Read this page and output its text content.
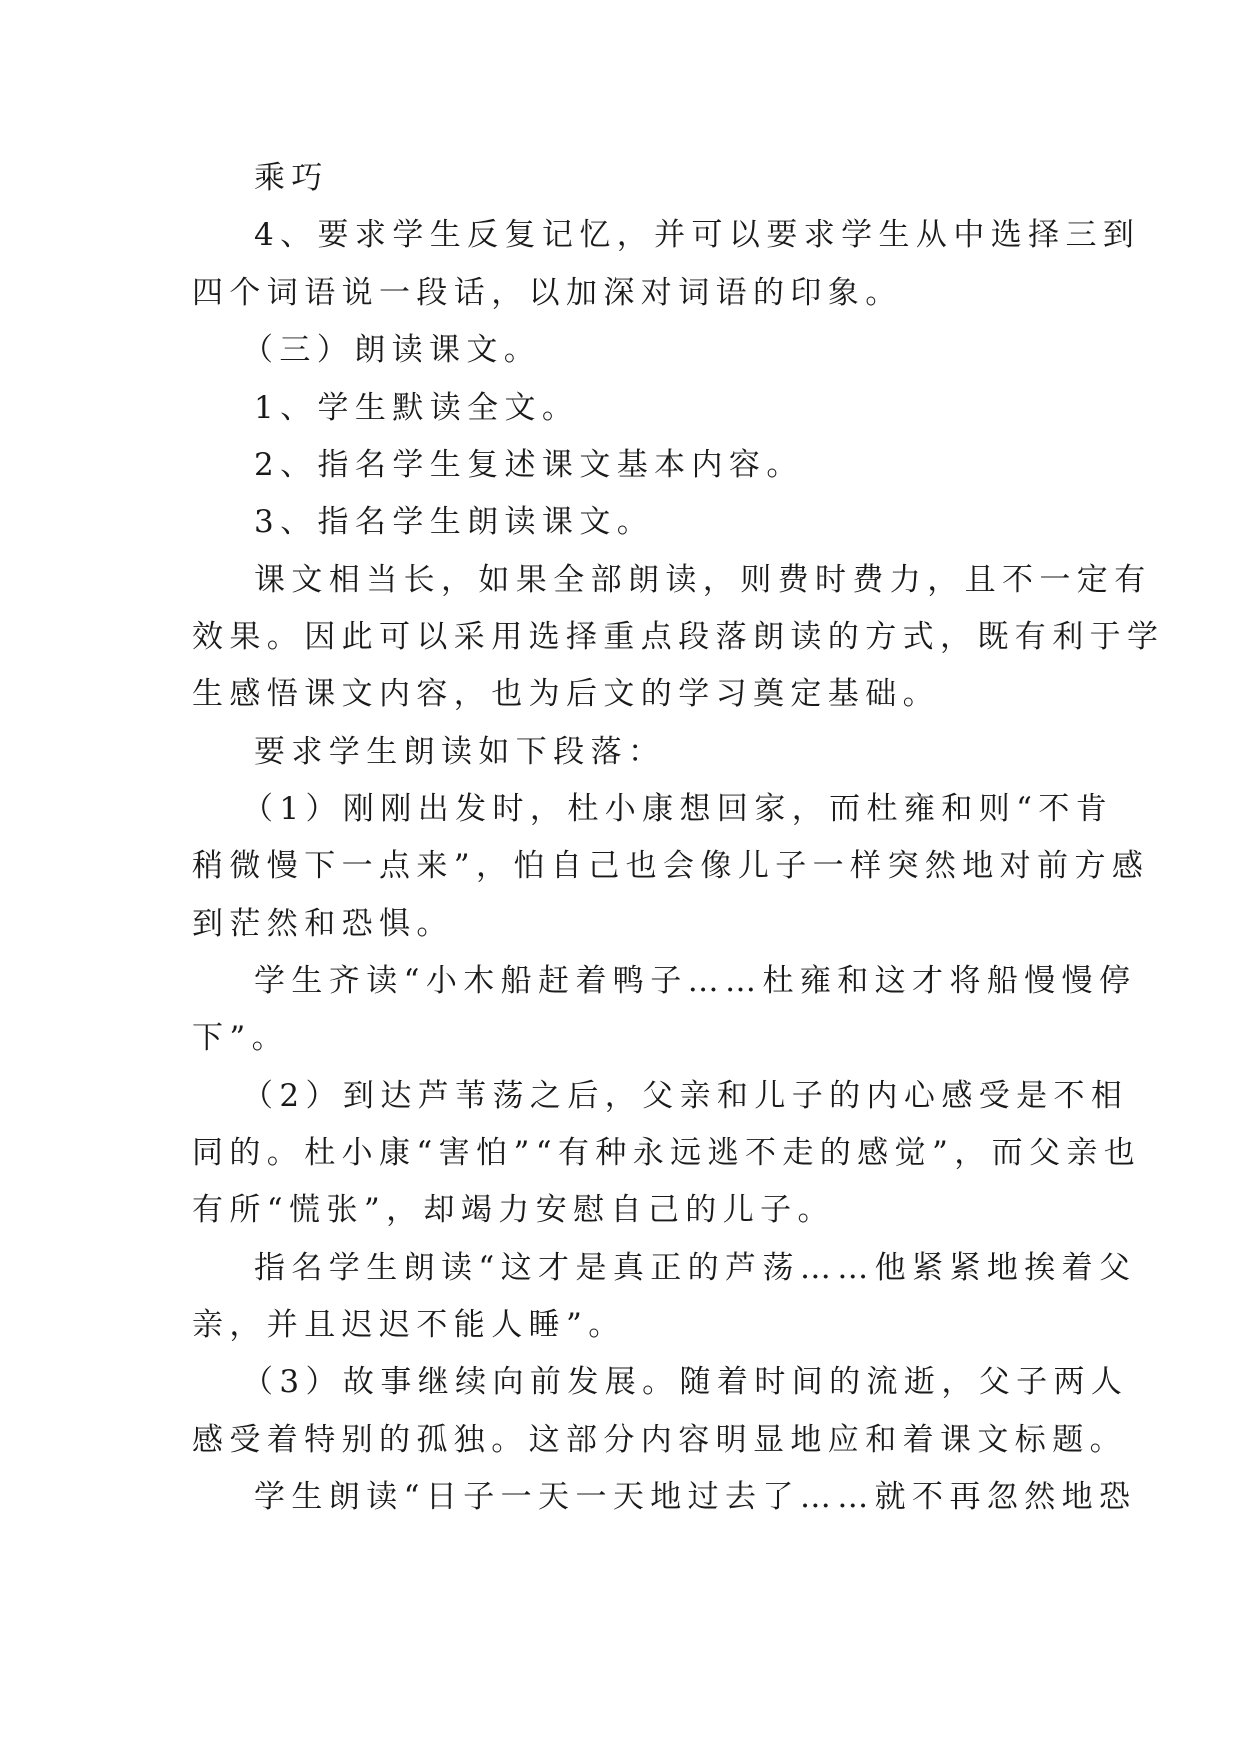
乘巧
4、要求学生反复记忆，并可以要求学生从中选择三到
四个词语说一段话，以加深对词语的印象。
（三）朗读课文。
1、学生默读全文。
2、指名学生复述课文基本内容。
3、指名学生朗读课文。
课文相当长，如果全部朗读，则费时费力，且不一定有
效果。因此可以采用选择重点段落朗读的方式，既有利于学
生感悟课文内容，也为后文的学习奠定基础。
要求学生朗读如下段落：
（1）刚刚出发时，杜小康想回家，而杜雍和则“不肯
稍微慢下一点来”，怕自己也会像儿子一样突然地对前方感
到茫然和恐惧。
学生齐读“小木船赶着鸭子……杜雍和这才将船慢慢停
下”。
（2）到达芦苇荡之后，父亲和儿子的内心感受是不相
同的。杜小康“害怕”“有种永远逃不走的感觉”，而父亲也
有所“慌张”，却竭力安慰自己的儿子。
指名学生朗读“这才是真正的芦荡……他紧紧地挨着父
亲，并且迟迟不能人睡”。
（3）故事继续向前发展。随着时间的流逝，父子两人
感受着特别的孤独。这部分内容明显地应和着课文标题。
学生朗读“日子一天一天地过去了……就不再忽然地恐
